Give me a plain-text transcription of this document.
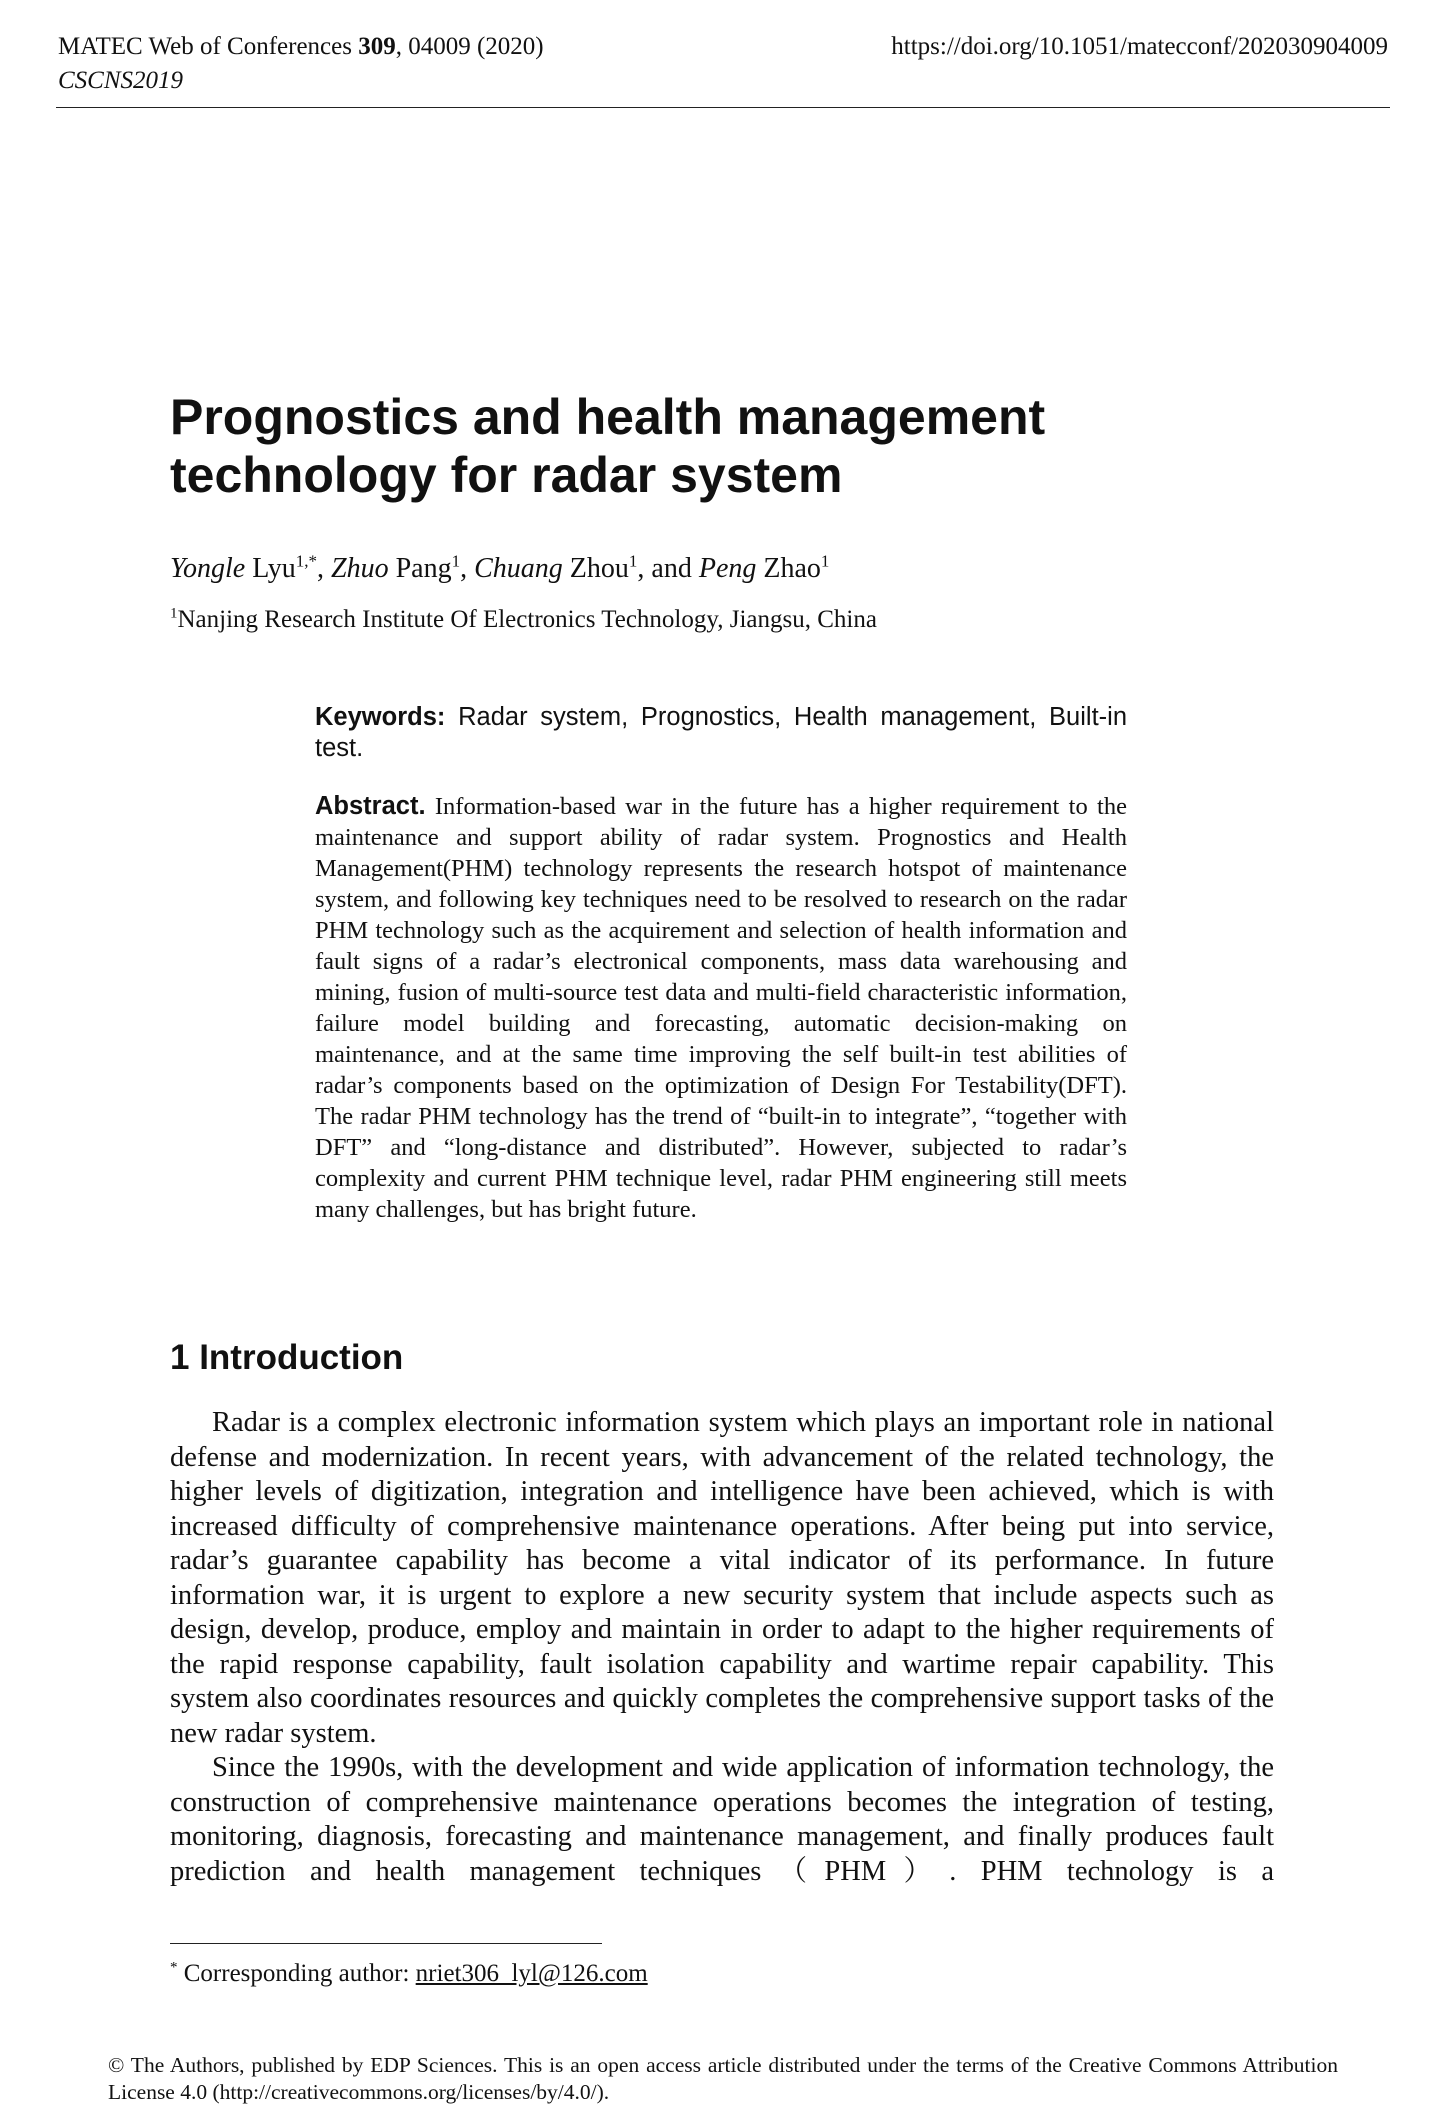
MATEC Web of Conferences 309, 04009 (2020)
CSCNS2019
https://doi.org/10.1051/matecconf/202030904009
Prognostics and health management technology for radar system
Yongle Lyu$^{1,*}$, Zhuo Pang$^1$, Chuang Zhou$^1$, and Peng Zhao$^1$
$^1$Nanjing Research Institute Of Electronics Technology, Jiangsu, China
Keywords: Radar system, Prognostics, Health management, Built-in test.
Abstract. Information-based war in the future has a higher requirement to the maintenance and support ability of radar system. Prognostics and Health Management(PHM) technology represents the research hotspot of maintenance system, and following key techniques need to be resolved to research on the radar PHM technology such as the acquirement and selection of health information and fault signs of a radar’s electronical components, mass data warehousing and mining, fusion of multi-source test data and multi-field characteristic information, failure model building and forecasting, automatic decision-making on maintenance, and at the same time improving the self built-in test abilities of radar’s components based on the optimization of Design For Testability(DFT). The radar PHM technology has the trend of “built-in to integrate”, “together with DFT” and “long-distance and distributed”. However, subjected to radar’s complexity and current PHM technique level, radar PHM engineering still meets many challenges, but has bright future.
1 Introduction

Radar is a complex electronic information system which plays an important role in national defense and modernization. In recent years, with advancement of the related technology, the higher levels of digitization, integration and intelligence have been achieved, which is with increased difficulty of comprehensive maintenance operations. After being put into service, radar’s guarantee capability has become a vital indicator of its performance. In future information war, it is urgent to explore a new security system that include aspects such as design, develop, produce, employ and maintain in order to adapt to the higher requirements of the rapid response capability, fault isolation capability and wartime repair capability. This system also coordinates resources and quickly completes the comprehensive support tasks of the new radar system.

Since the 1990s, with the development and wide application of information technology, the construction of comprehensive maintenance operations becomes the integration of testing, monitoring, diagnosis, forecasting and maintenance management, and finally produces fault prediction and health management techniques（PHM）. PHM technology is a

* Corresponding author: nriet306_lyl@126.com
© The Authors, published by EDP Sciences. This is an open access article distributed under the terms of the Creative Commons Attribution License 4.0 (http://creativecommons.org/licenses/by/4.0/).
